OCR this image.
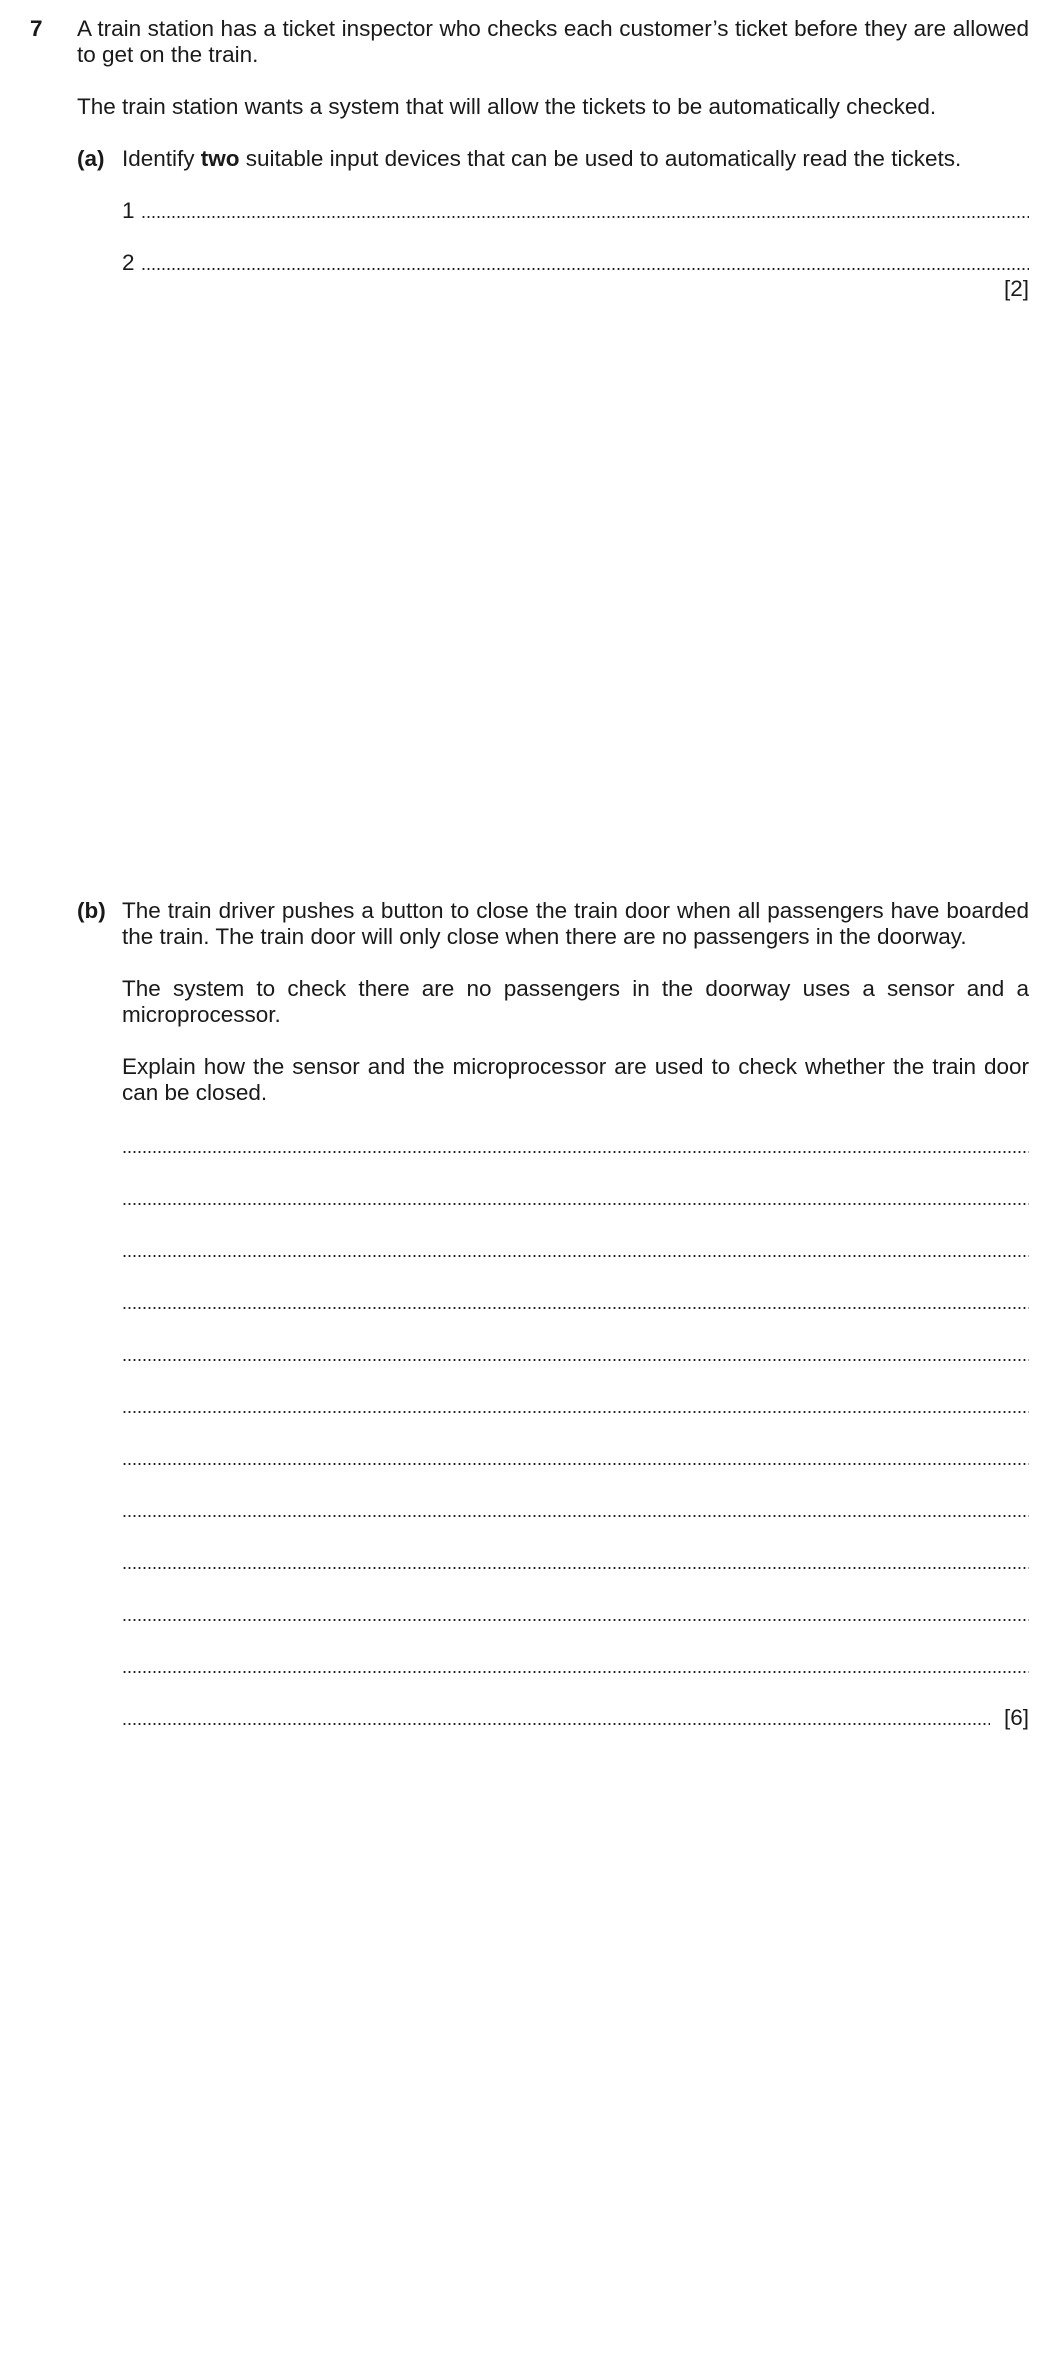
7 A train station has a ticket inspector who checks each customer’s ticket before they are allowed to get on the train.

The train station wants a system that will allow the tickets to be automatically checked.

(a) Identify two suitable input devices that can be used to automatically read the tickets.

1
2
[2]
(b) The train driver pushes a button to close the train door when all passengers have boarded the train. The train door will only close when there are no passengers in the doorway.

The system to check there are no passengers in the doorway uses a sensor and a microprocessor.

Explain how the sensor and the microprocessor are used to check whether the train door can be closed.

[6]
